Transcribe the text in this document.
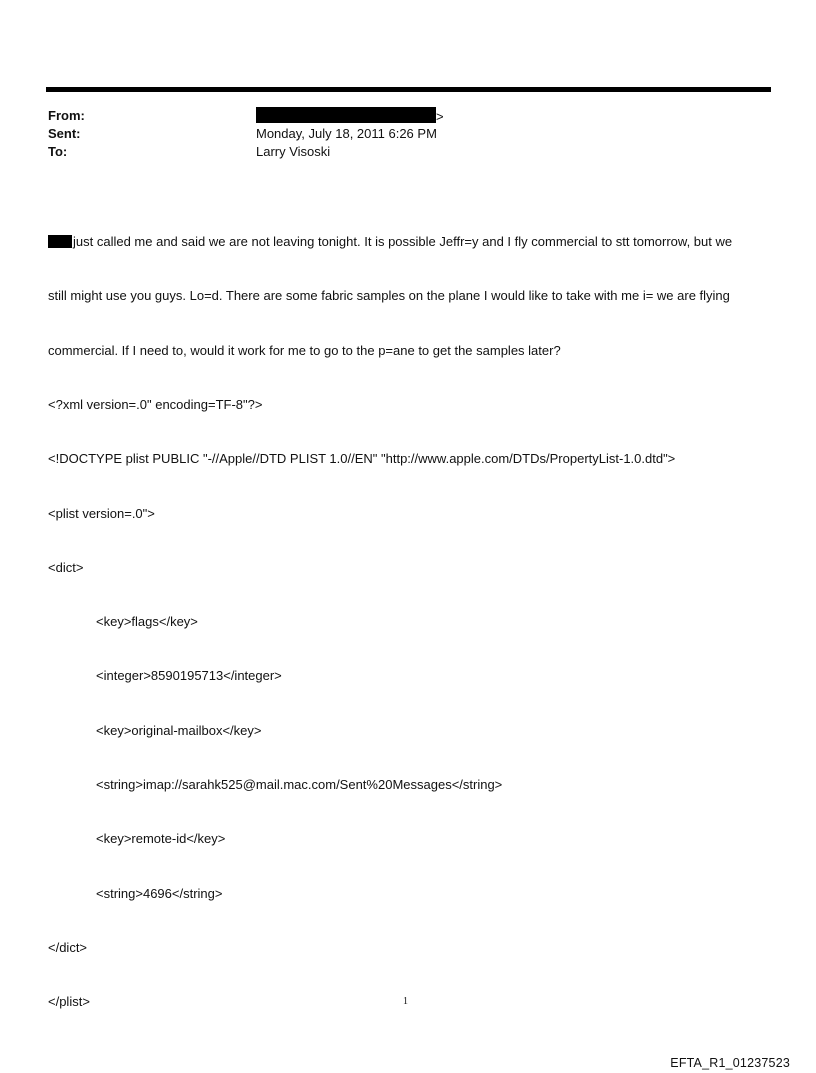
From:	>
Sent:	Monday, July 18, 2011 6:26 PM
To:	Larry Visoski

just called me and said we are not leaving tonight. It is possible Jeffr=y and I fly commercial to stt tomorrow, but we

still might use you guys. Lo=d. There are some fabric samples on the plane I would like to take with me i= we are flying

commercial. If I need to, would it work for me to go to the p=ane to get the samples later?

<?xml version=.0" encoding=TF-8"?>

<!DOCTYPE plist PUBLIC "-//Apple//DTD PLIST 1.0//EN" "http://www.apple.com/DTDs/PropertyList-1.0.dtd">

<plist version=.0">

<dict>

<key>flags</key>

<integer>8590195713</integer>

<key>original-mailbox</key>

<string>imap://sarahk525@mail.mac.com/Sent%20Messages</string>

<key>remote-id</key>

<string>4696</string>

</dict>

</plist>	1
EFTA_R1_01237523
